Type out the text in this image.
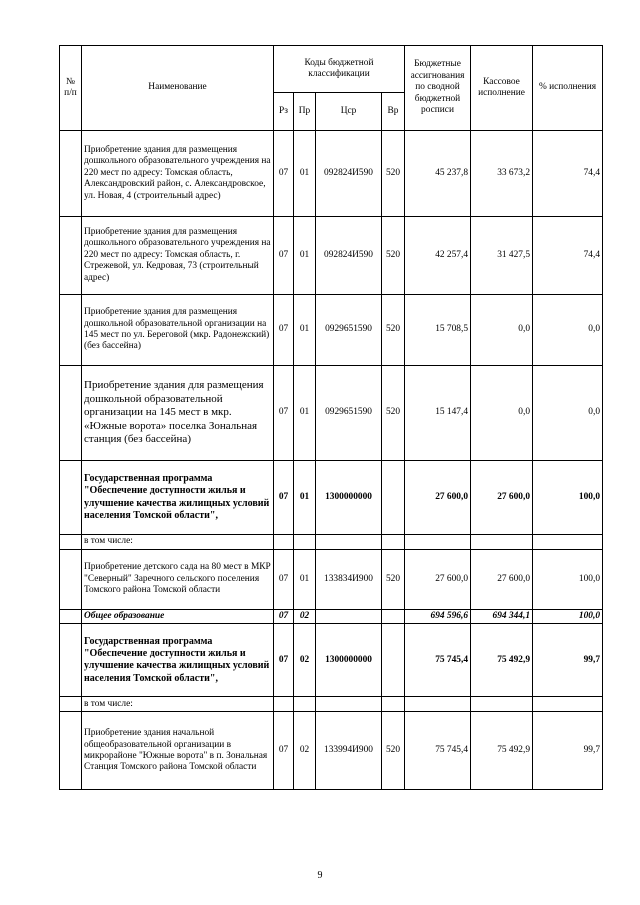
№
п/п	Наименование	Коды бюджетной классификации				Бюджетные ассигнования по сводной бюджетной росписи	Кассовое исполнение	% исполнения
		Рз	Пр	Цср	Вр			
	Приобретение здания для размещения дошкольного образовательного учреждения на 220 мест по адресу: Томская область, Александровский район, с. Александровское, ул. Новая, 4 (строительный адрес)	07	01	092824И590	520	45 237,8	33 673,2	74,4
	Приобретение здания для размещения дошкольного образовательного учреждения на 220 мест по адресу: Томская область, г. Стрежевой, ул. Кедровая, 73 (строительный адрес)	07	01	092824И590	520	42 257,4	31 427,5	74,4
	Приобретение здания для размещения дошкольной образовательной организации на 145 мест по ул. Береговой (мкр. Радонежский) (без бассейна)	07	01	0929651590	520	15 708,5	0,0	0,0
	Приобретение здания для размещения дошкольной образовательной организации на 145 мест в мкр. «Южные ворота» поселка Зональная станция (без бассейна)	07	01	0929651590	520	15 147,4	0,0	0,0
	Государственная программа "Обеспечение доступности жилья и улучшение качества жилищных условий населения Томской области",	07	01	1300000000		27 600,0	27 600,0	100,0
	в том числе:							
	Приобретение детского сада на 80 мест в МКР "Северный" Заречного сельского поселения Томского района Томской области	07	01	133834И900	520	27 600,0	27 600,0	100,0
	Общее образование	07	02			694 596,6	694 344,1	100,0
	Государственная программа "Обеспечение доступности жилья и улучшение качества жилищных условий населения Томской области",	07	02	1300000000		75 745,4	75 492,9	99,7
	в том числе:							
	Приобретение здания начальной общеобразовательной организации в микрорайоне "Южные ворота" в п. Зональная Станция Томского района Томской области	07	02	133994И900	520	75 745,4	75 492,9	99,7
9
